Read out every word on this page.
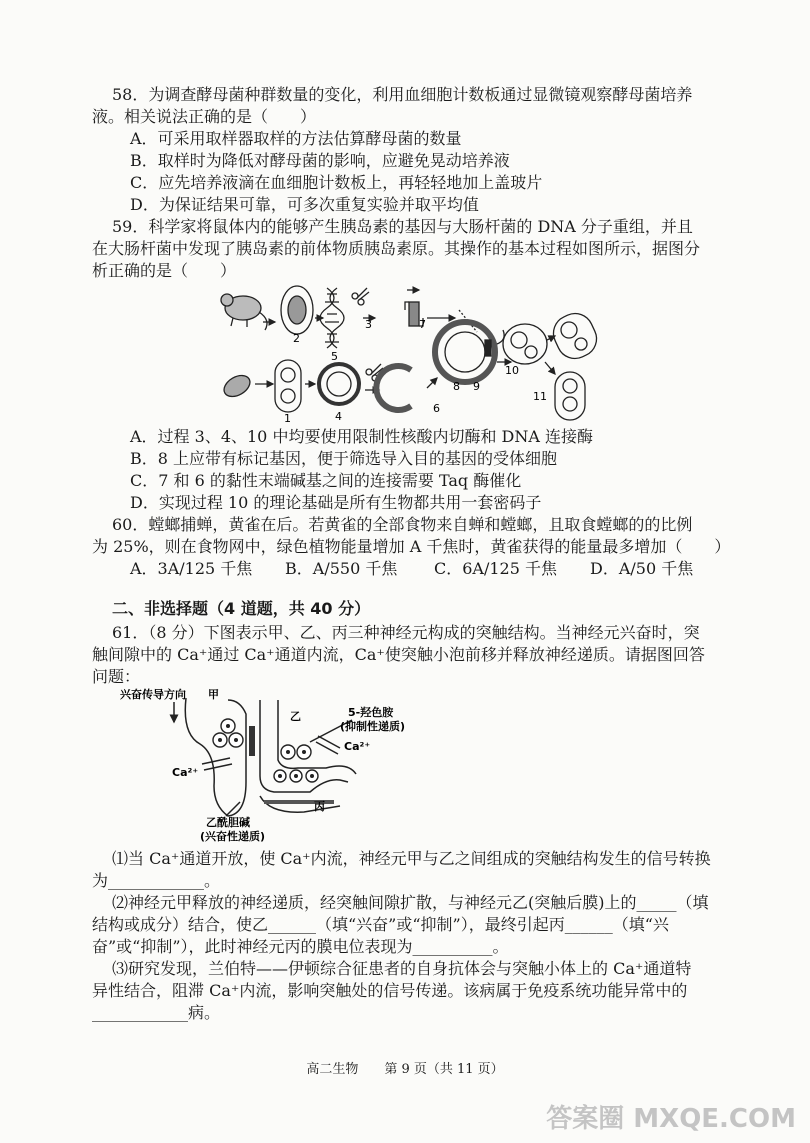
58．为调查酵母菌种群数量的变化，利用血细胞计数板通过显微镜观察酵母菌培养
液。相关说法正确的是（　　）
A．可采用取样器取样的方法估算酵母菌的数量
B．取样时为降低对酵母菌的影响，应避免晃动培养液
C．应先培养液滴在血细胞计数板上，再轻轻地加上盖玻片
D．为保证结果可靠，可多次重复实验并取平均值
59．科学家将鼠体内的能够产生胰岛素的基因与大肠杆菌的 DNA 分子重组，并且
在大肠杆菌中发现了胰岛素的前体物质胰岛素原。其操作的基本过程如图所示，据图分
析正确的是（　　）
2
5
3	7
1	4
6
8 9
10
11
A．过程 3、4、10 中均要使用限制性核酸内切酶和 DNA 连接酶
B．8 上应带有标记基因，便于筛选导入目的基因的受体细胞
C．7 和 6 的黏性末端碱基之间的连接需要 Taq 酶催化
D．实现过程 10 的理论基础是所有生物都共用一套密码子
60．螳螂捕蝉，黄雀在后。若黄雀的全部食物来自蝉和螳螂，且取食螳螂的的比例
为 25%，则在食物网中，绿色植物能量增加 A 千焦时，黄雀获得的能量最多增加（　　）
A．3A/125 千焦 B．A/550 千焦 C．6A/125 千焦 D．A/50 千焦
二、非选择题（4 道题，共 40 分）
61．（8 分）下图表示甲、乙、丙三种神经元构成的突触结构。当神经元兴奋时，突
触间隙中的 Ca⁺通过 Ca⁺通道内流，Ca⁺使突触小泡前移并释放神经递质。请据图回答
问题：
兴奋传导方向 甲
乙
丙
5-羟色胺
(抑制性递质)
Ca²⁺
Ca²⁺
乙酰胆碱
(兴奋性递质)
⑴当 Ca⁺通道开放，使 Ca⁺内流，神经元甲与乙之间组成的突触结构发生的信号转换
为____________。
⑵神经元甲释放的神经递质，经突触间隙扩散，与神经元乙(突触后膜)上的_____（填
结构或成分）结合，使乙______（填“兴奋”或“抑制”），最终引起丙______（填“兴
奋”或“抑制”），此时神经元丙的膜电位表现为__________。
⑶研究发现，兰伯特——伊顿综合征患者的自身抗体会与突触小体上的 Ca⁺通道特
异性结合，阻滞 Ca⁺内流，影响突触处的信号传递。该病属于免疫系统功能异常中的
____________病。
高二生物　　第 9 页（共 11 页）
答案圈 MXQE.COM
